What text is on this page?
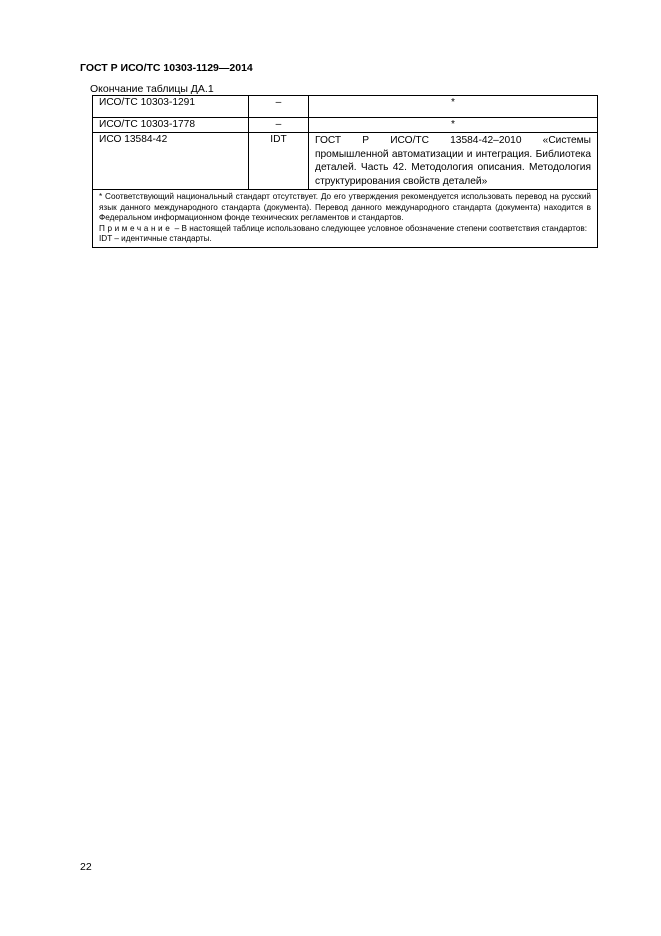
ГОСТ Р ИСО/ТС 10303-1129—2014
Окончание таблицы ДА.1
ИСО/ТС 10303-1291	–	*
ИСО/ТС 10303-1778	–	*
ИСО 13584-42	IDT	ГОСТ Р ИСО/ТС 13584-42–2010 «Системы промышленной автоматизации и интеграция. Библиотека деталей. Часть 42. Методология описания. Методология структурирования свойств деталей»

* Соответствующий национальный стандарт отсутствует. До его утверждения рекомендуется использовать перевод на русский язык данного международного стандарта (документа). Перевод данного международного стандарта (документа) находится в Федеральном информационном фонде технических регламентов и стандартов.
Примечание – В настоящей таблице использовано следующее условное обозначение степени соответствия стандартов:
IDT – идентичные стандарты.		
22
